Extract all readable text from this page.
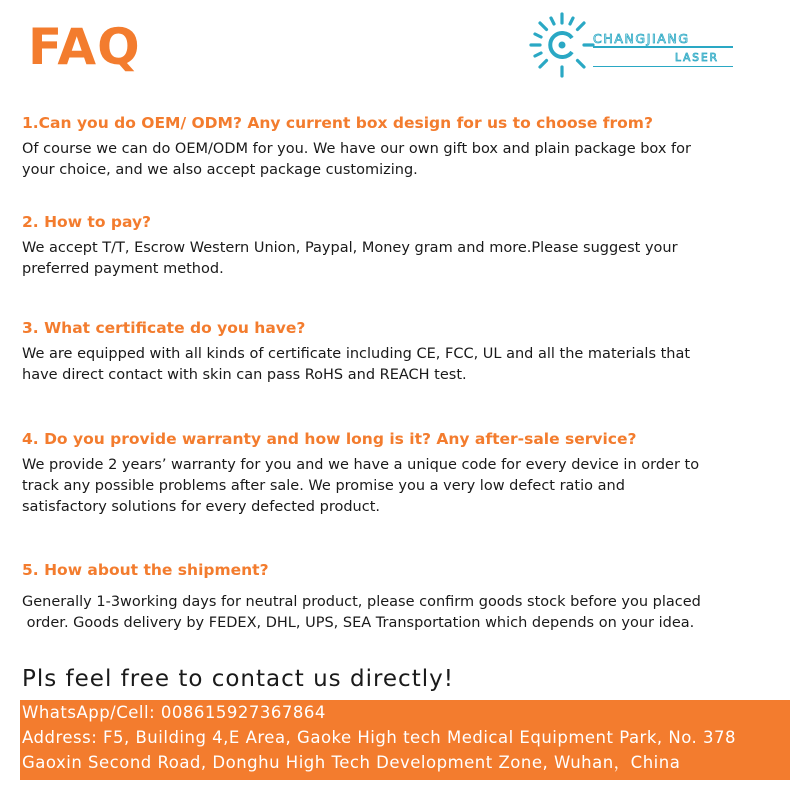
FAQ	CHANGJIANG
LASER
1.Can you do OEM/ ODM? Any current box design for us to choose from?
Of course we can do OEM/ODM for you. We have our own gift box and plain package box for
your choice, and we also accept package customizing.
2. How to pay?
We accept T/T, Escrow Western Union, Paypal, Money gram and more.Please suggest your
preferred payment method.
3. What certificate do you have?
We are equipped with all kinds of certificate including CE, FCC, UL and all the materials that
have direct contact with skin can pass RoHS and REACH test.
4. Do you provide warranty and how long is it? Any after-sale service?
We provide 2 years’ warranty for you and we have a unique code for every device in order to
track any possible problems after sale. We promise you a very low defect ratio and
satisfactory solutions for every defected product.
5. How about the shipment?
Generally 1-3working days for neutral product, please confirm goods stock before you placed
order. Goods delivery by FEDEX, DHL, UPS, SEA Transportation which depends on your idea.
Pls feel free to contact us directly!
WhatsApp/Cell: 008615927367864
Address: F5, Building 4,E Area, Gaoke High tech Medical Equipment Park, No. 378
Gaoxin Second Road, Donghu High Tech Development Zone, Wuhan，China
